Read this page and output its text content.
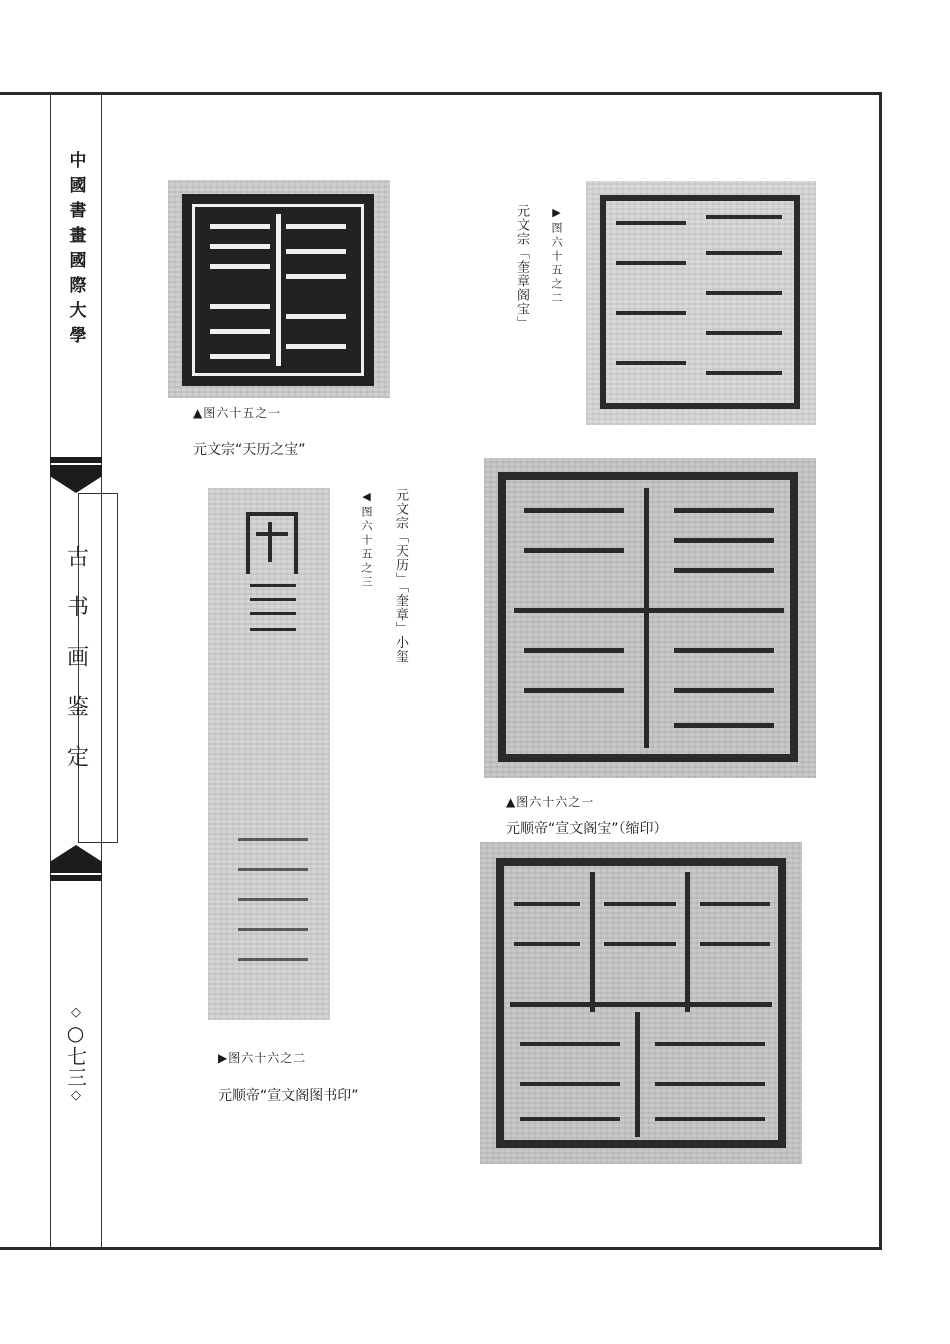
中國書畫國際大學
古书画鉴定
◇○七三◇
▲图六十五之一
元文宗“天历之宝”
▶图六十五之二
元文宗「奎章阁宝」
◀图六十五之三 元文宗「天历」「奎章」小玺
▲图六十六之一
元顺帝“宣文阁宝”（缩印）
▶图六十六之二
元顺帝“宣文阁图书印”
